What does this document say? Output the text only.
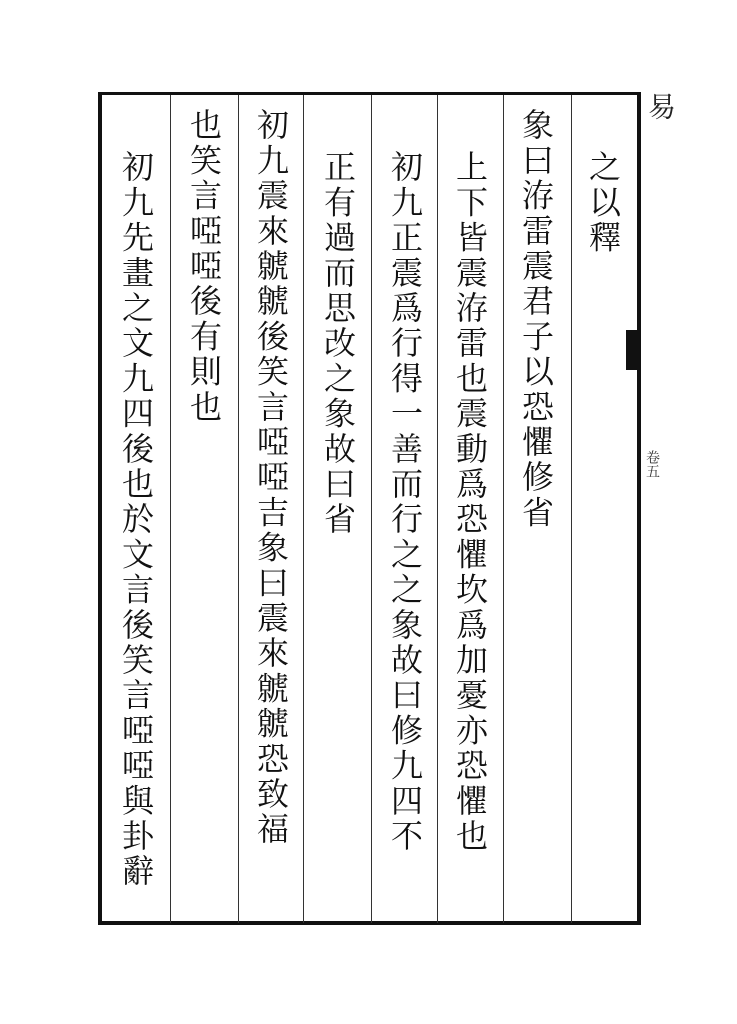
之以釋
象曰洊雷震君子以恐懼修省
上下皆震洊雷也震動爲恐懼坎爲加憂亦恐懼也
初九正震爲行得一善而行之之象故曰修九四不
正有過而思改之象故曰省
初九震來虩虩後笑言啞啞吉象曰震來虩虩恐致福
也笑言啞啞後有則也
初九先畫之文九四後也於文言後笑言啞啞與卦辭
易
卷五
